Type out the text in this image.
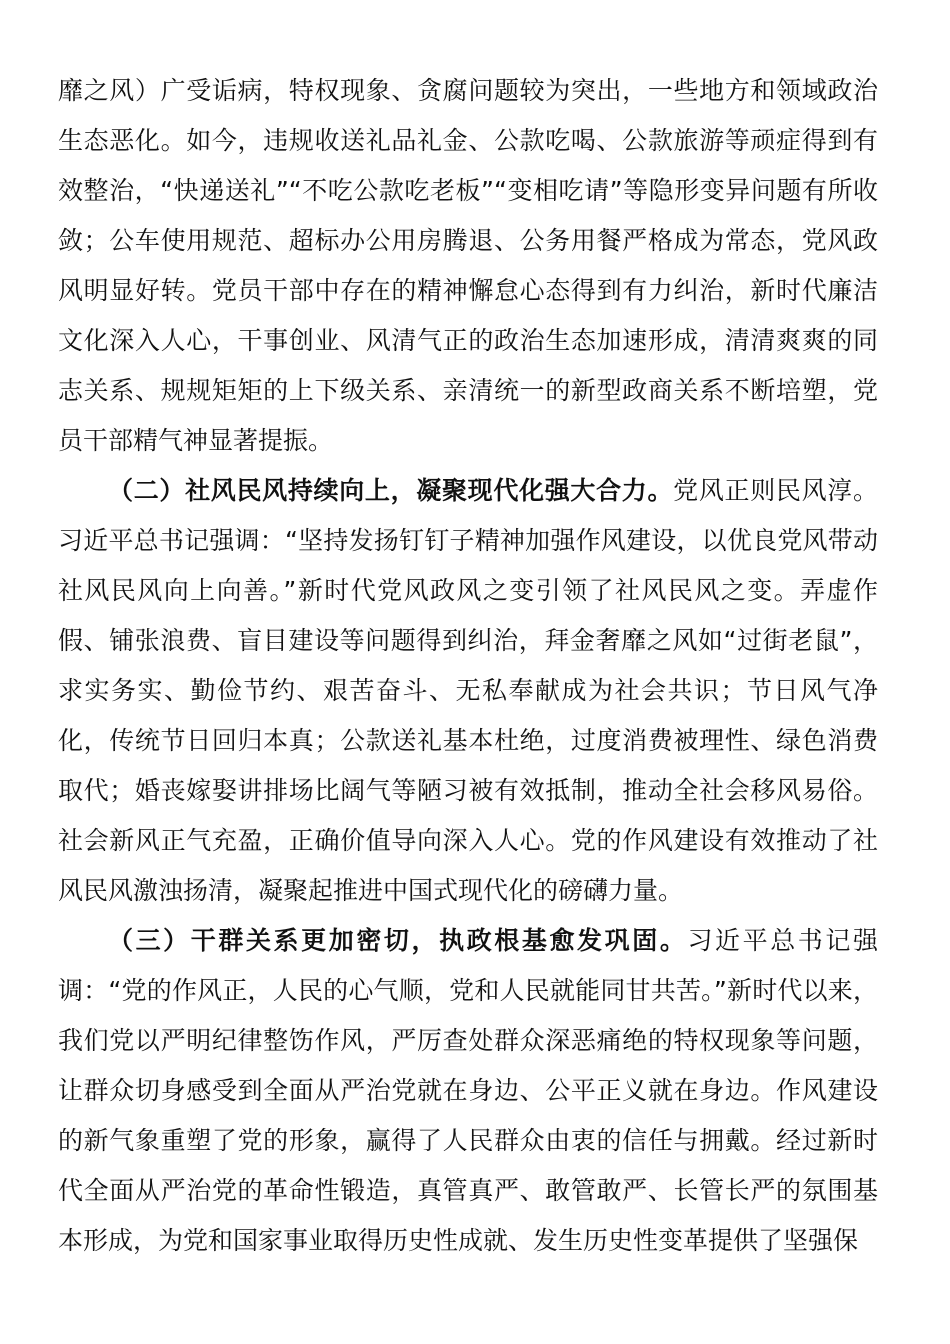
靡之风）广受诟病，特权现象、贪腐问题较为突出，一些地方和领域政治生态恶化。如今，违规收送礼品礼金、公款吃喝、公款旅游等顽症得到有效整治，“快递送礼”“不吃公款吃老板”“变相吃请”等隐形变异问题有所收敛；公车使用规范、超标办公用房腾退、公务用餐严格成为常态，党风政风明显好转。党员干部中存在的精神懈怠心态得到有力纠治，新时代廉洁文化深入人心，干事创业、风清气正的政治生态加速形成，清清爽爽的同志关系、规规矩矩的上下级关系、亲清统一的新型政商关系不断培塑，党员干部精气神显著提振。

（二）社风民风持续向上，凝聚现代化强大合力。党风正则民风淳。习近平总书记强调：“坚持发扬钉钉子精神加强作风建设，以优良党风带动社风民风向上向善。”新时代党风政风之变引领了社风民风之变。弄虚作假、铺张浪费、盲目建设等问题得到纠治，拜金奢靡之风如“过街老鼠”，求实务实、勤俭节约、艰苦奋斗、无私奉献成为社会共识；节日风气净化，传统节日回归本真；公款送礼基本杜绝，过度消费被理性、绿色消费取代；婚丧嫁娶讲排场比阔气等陋习被有效抵制，推动全社会移风易俗。社会新风正气充盈，正确价值导向深入人心。党的作风建设有效推动了社风民风激浊扬清，凝聚起推进中国式现代化的磅礴力量。

（三）干群关系更加密切，执政根基愈发巩固。习近平总书记强调：“党的作风正，人民的心气顺，党和人民就能同甘共苦。”新时代以来，我们党以严明纪律整饬作风，严厉查处群众深恶痛绝的特权现象等问题，让群众切身感受到全面从严治党就在身边、公平正义就在身边。作风建设的新气象重塑了党的形象，赢得了人民群众由衷的信任与拥戴。经过新时代全面从严治党的革命性锻造，真管真严、敢管敢严、长管长严的氛围基本形成，为党和国家事业取得历史性成就、发生历史性变革提供了坚强保
